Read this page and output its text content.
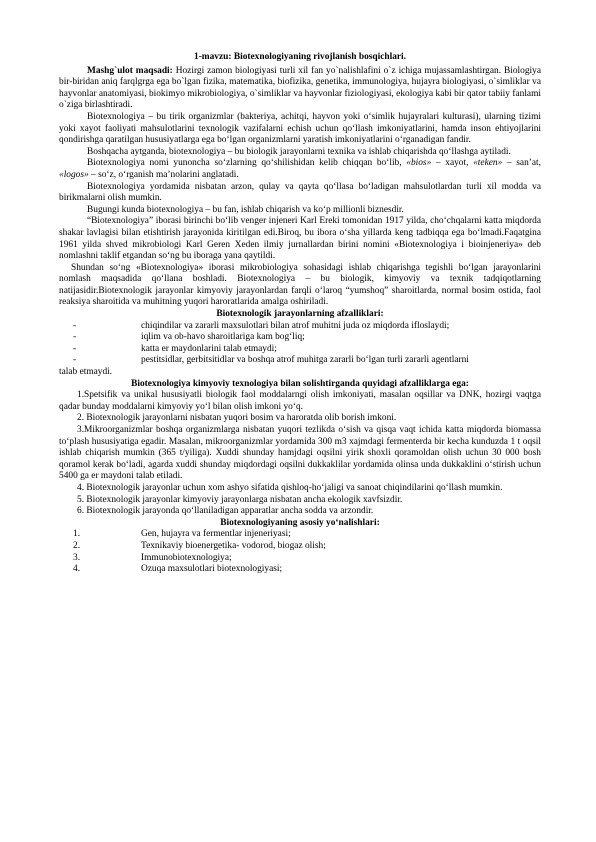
1-mavzu: Biotexnologiyaning rivojlanish bosqichlari.

Mashg`ulot maqsadi: Hozirgi zamon biologiyasi turli xil fan yo`nalishlafini o`z ichiga mujassamlashtirgan. Biologiya bir-biridan aniq farqlgrga ega bo`lgan fizika, matematika, biofizika, genetika, immunologiya, hujayra biologiyasi, o`simliklar va hayvonlar anatomiyasi, biokimyo mikrobiologiya, o`simliklar va hayvonlar fiziologiyasi, ekologiya kabi bir qator tabiiy fanlami o`ziga birlashtiradi.

Biotexnologiya – bu tirik organizmlar (bakteriya, achitqi, hayvon yoki o‘simlik hujayralari kulturasi), ularning tizimi yoki xayot faoliyati mahsulotlarini texnologik vazifalarni echish uchun qo‘llash imkoniyatlarini, hamda inson ehtiyojlarini qondirishga qaratilgan hususiyatlarga ega bo‘lgan organizmlarni yaratish imkoniyatlarini o‘rganadigan fandir.

Boshqacha aytganda, biotexnologiya – bu biologik jarayonlarni texnika va ishlab chiqarishda qo‘llashga aytiladi.

Biotexnologiya nomi yunoncha so‘zlarning qo‘shilishidan kelib chiqqan bo‘lib, «bios» – xayot, «teken» – san’at, «logos» – so‘z, o‘rganish ma’nolarini anglatadi.

Biotexnologiya yordamida nisbatan arzon, qulay va qayta qo‘llasa bo‘ladigan mahsulotlardan turli xil modda va birikmalarni olish mumkin.

Bugungi kunda biotexnologiya – bu fan, ishlab chiqarish va ko‘p millionli biznesdir.

“Biotexnologiya” iborasi birinchi bo‘lib venger injeneri Karl Ereki tomonidan 1917 yilda, cho‘chqalarni katta miqdorda shakar lavlagisi bilan etishtirish jarayonida kiritilgan edi.Biroq, bu ibora o‘sha yillarda keng tadbiqqa ega bo‘lmadi.Faqatgina 1961 yilda shved mikrobiologi Karl Geren Xeden ilmiy jurnallardan birini nomini «Biotexnologiya i bioinjeneriya» deb nomlashni taklif etgandan so‘ng bu iboraga yana qaytildi.

Shundan so‘ng «Biotexnologiya» iborasi mikrobiologiya sohasidagi ishlab chiqarishga tegishli bo‘lgan jarayonlarini nomlash maqsadida qo‘llana boshladi. Biotexnologiya – bu biologik, kimyoviy va texnik tadqiqotlarning natijasidir.Biotexnologik jarayonlar kimyoviy jarayonlardan farqli o‘laroq “yumshoq” sharoitlarda, normal bosim ostida, faol reaksiya sharoitida va muhitning yuqori haroratlarida amalga oshiriladi.

Biotexnologik jarayonlarning afzalliklari:

-	chiqindilar va zararli maxsulotlari bilan atrof muhitni juda oz miqdorda ifloslaydi;
-	iqlim va ob-havo sharoitlariga kam bog‘liq;
-	katta er maydonlarini talab etmaydi;
-	pestitsidlar, gerbitsitidlar va boshqa atrof muhitga zararli bo‘lgan turli zararli agentlarni

talab etmaydi.

Biotexnologiya kimyoviy texnologiya bilan solishtirganda quyidagi afzalliklarga ega:

1.Spetsifik va unikal hususiyatli biologik faol moddalarngi olish imkoniyati, masalan oqsillar va DNK, hozirgi vaqtga qadar bunday moddalarni kimyoviy yo‘l bilan olish imkoni yo‘q.

2. Biotexnologik jarayonlarni nisbatan yuqori bosim va haroratda olib borish imkoni.

3.Mikroorganizmlar boshqa organizmlarga nisbatan yuqori tezlikda o‘sish va qisqa vaqt ichida katta miqdorda biomassa to‘plash hususiyatiga egadir. Masalan, mikroorganizmlar yordamida 300 m3 xajmdagi fermenterda bir kecha kunduzda 1 t oqsil ishlab chiqarish mumkin (365 t/yiliga). Xuddi shunday hamjdagi oqsilni yirik shoxli qoramoldan olish uchun 30 000 bosh qoramol kerak bo‘ladi, agarda xuddi shunday miqdordagi oqsilni dukkaklilar yordamida olinsa unda dukkaklini o‘stirish uchun 5400 ga er maydoni talab etiladi.

4. Biotexnologik jarayonlar uchun xom ashyo sifatida qishloq-ho‘jaligi va sanoat chiqindilarini qo‘llash mumkin.

5. Biotexnologik jarayonlar kimyoviy jarayonlarga nisbatan ancha ekologik xavfsizdir.

6. Biotexnologik jarayonda qo‘llaniladigan apparatlar ancha sodda va arzondir.

Biotexnologiyaning asosiy yo‘nalishlari:

1.	Gen, hujayra va fermentlar injeneriyasi;
2.	Texnikaviy bioenergetika- vodorod, biogaz olish;
3.	Immunobiotexnologiya;
4.	Ozuqa maxsulotlari biotexnologiyasi;
